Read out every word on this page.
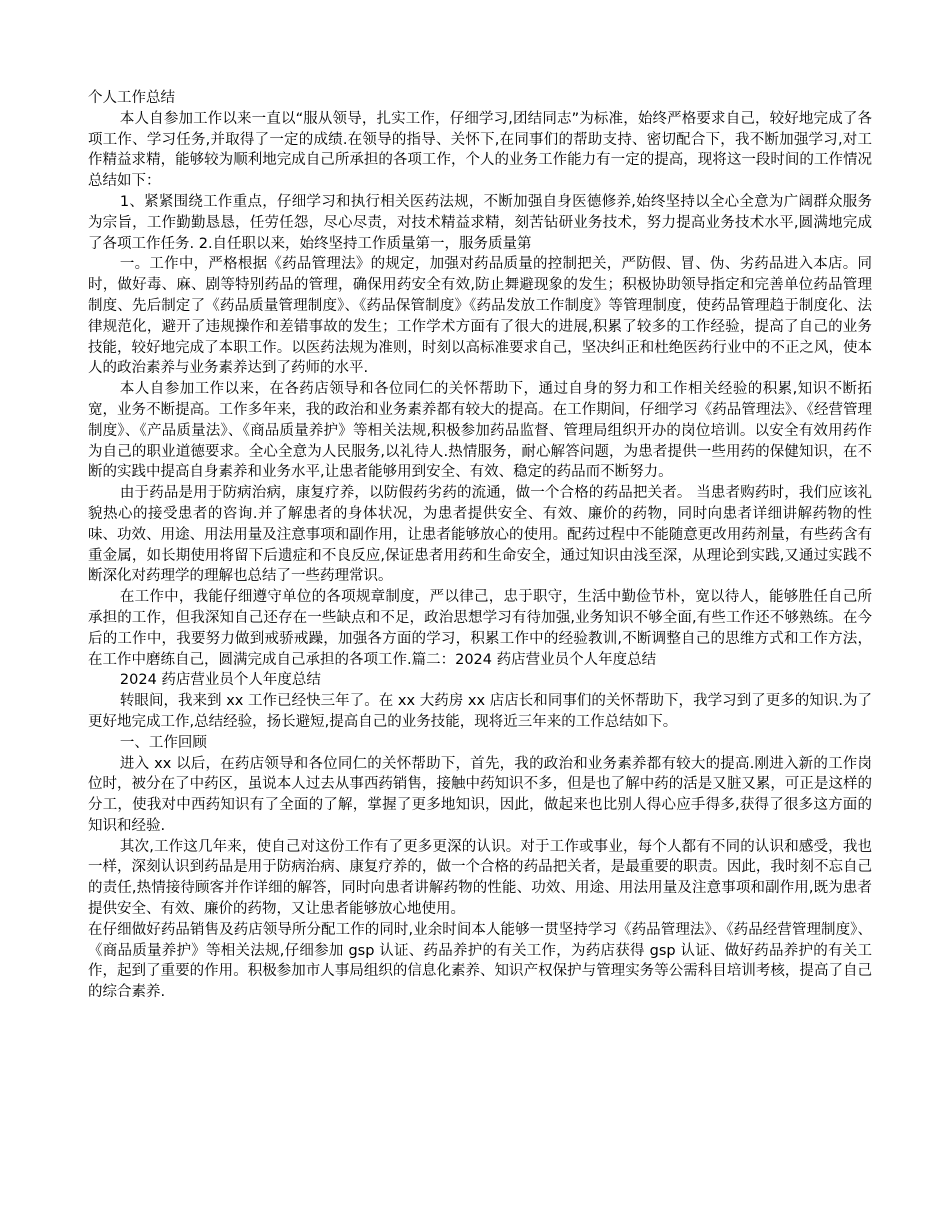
个人工作总结

本人自参加工作以来一直以“服从领导，扎实工作，仔细学习,团结同志”为标准，始终严格要求自己，较好地完成了各项工作、学习任务,并取得了一定的成绩.在领导的指导、关怀下,在同事们的帮助支持、密切配合下，我不断加强学习,对工作精益求精，能够较为顺利地完成自己所承担的各项工作，个人的业务工作能力有一定的提高，现将这一段时间的工作情况总结如下：

1、紧紧围绕工作重点，仔细学习和执行相关医药法规，不断加强自身医德修养,始终坚持以全心全意为广阔群众服务为宗旨，工作勤勤恳恳，任劳任怨，尽心尽责，对技术精益求精，刻苦钻研业务技术，努力提高业务技术水平,圆满地完成了各项工作任务. 2.自任职以来，始终坚持工作质量第一，服务质量第

一。工作中，严格根据《药品管理法》的规定，加强对药品质量的控制把关，严防假、冒、伪、劣药品进入本店。同时，做好毒、麻、剧等特别药品的管理，确保用药安全有效,防止舞避现象的发生；积极协助领导指定和完善单位药品管理制度、先后制定了《药品质量管理制度》、《药品保管制度》《药品发放工作制度》等管理制度，使药品管理趋于制度化、法律规范化，避开了违规操作和差错事故的发生；工作学术方面有了很大的进展,积累了较多的工作经验，提高了自己的业务技能，较好地完成了本职工作。以医药法规为准则，时刻以高标准要求自己，坚决纠正和杜绝医药行业中的不正之风，使本人的政治素养与业务素养达到了药师的水平.

本人自参加工作以来，在各药店领导和各位同仁的关怀帮助下，通过自身的努力和工作相关经验的积累,知识不断拓宽，业务不断提高。工作多年来，我的政治和业务素养都有较大的提高。在工作期间，仔细学习《药品管理法》、《经营管理制度》、《产品质量法》、《商品质量养护》等相关法规,积极参加药品监督、管理局组织开办的岗位培训。以安全有效用药作为自己的职业道德要求。全心全意为人民服务,以礼待人.热情服务，耐心解答问题，为患者提供一些用药的保健知识，在不断的实践中提高自身素养和业务水平,让患者能够用到安全、有效、稳定的药品而不断努力。

由于药品是用于防病治病，康复疗养，以防假药劣药的流通，做一个合格的药品把关者。 当患者购药时，我们应该礼貌热心的接受患者的咨询.并了解患者的身体状况，为患者提供安全、有效、廉价的药物，同时向患者详细讲解药物的性味、功效、用途、用法用量及注意事项和副作用，让患者能够放心的使用。配药过程中不能随意更改用药剂量，有些药含有重金属，如长期使用将留下后遗症和不良反应,保证患者用药和生命安全，通过知识由浅至深，从理论到实践,又通过实践不断深化对药理学的理解也总结了一些药理常识。

在工作中，我能仔细遵守单位的各项规章制度，严以律己，忠于职守，生活中勤俭节朴，宽以待人，能够胜任自己所承担的工作，但我深知自己还存在一些缺点和不足，政治思想学习有待加强,业务知识不够全面,有些工作还不够熟练。在今后的工作中，我要努力做到戒骄戒躁，加强各方面的学习，积累工作中的经验教训,不断调整自己的思维方式和工作方法，在工作中磨练自己，圆满完成自己承担的各项工作.篇二：2024 药店营业员个人年度总结

2024 药店营业员个人年度总结

转眼间，我来到 xx 工作已经快三年了。在 xx 大药房 xx 店店长和同事们的关怀帮助下，我学习到了更多的知识.为了更好地完成工作,总结经验，扬长避短,提高自己的业务技能，现将近三年来的工作总结如下。

一、工作回顾

进入 xx 以后，在药店领导和各位同仁的关怀帮助下，首先，我的政治和业务素养都有较大的提高.刚进入新的工作岗位时，被分在了中药区，虽说本人过去从事西药销售，接触中药知识不多，但是也了解中药的活是又脏又累，可正是这样的分工，使我对中西药知识有了全面的了解，掌握了更多地知识，因此，做起来也比别人得心应手得多,获得了很多这方面的知识和经验.

其次,工作这几年来，使自己对这份工作有了更多更深的认识。对于工作或事业，每个人都有不同的认识和感受，我也一样，深刻认识到药品是用于防病治病、康复疗养的，做一个合格的药品把关者，是最重要的职责。因此，我时刻不忘自己的责任,热情接待顾客并作详细的解答，同时向患者讲解药物的性能、功效、用途、用法用量及注意事项和副作用,既为患者提供安全、有效、廉价的药物，又让患者能够放心地使用。

在仔细做好药品销售及药店领导所分配工作的同时,业余时间本人能够一贯坚持学习《药品管理法》、《药品经营管理制度》、《商品质量养护》等相关法规,仔细参加 gsp 认证、药品养护的有关工作，为药店获得 gsp 认证、做好药品养护的有关工作，起到了重要的作用。积极参加市人事局组织的信息化素养、知识产权保护与管理实务等公需科目培训考核，提高了自己的综合素养.
